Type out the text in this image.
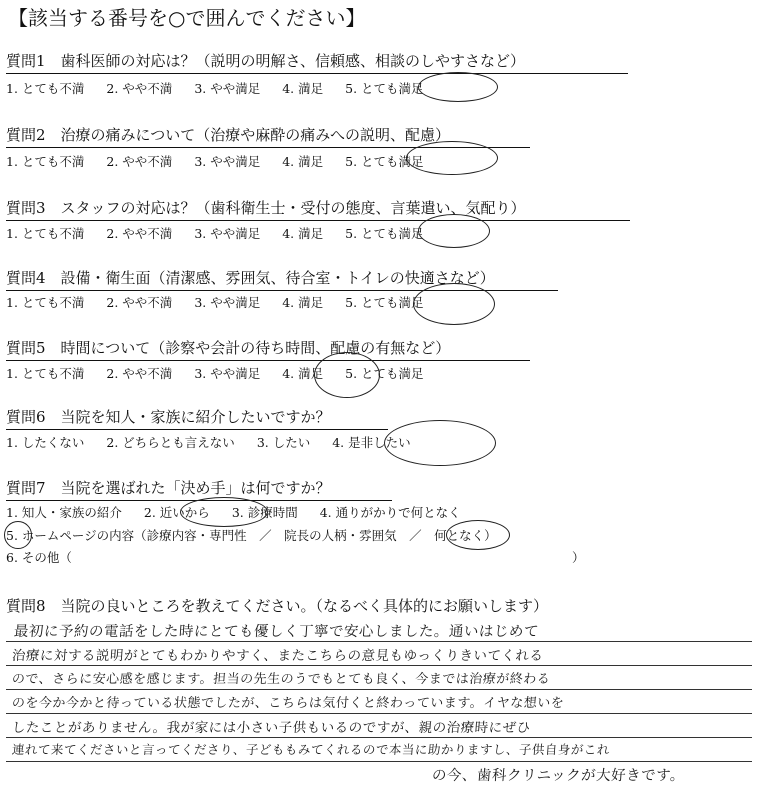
【該当する番号を○で囲んでください】
質問1　歯科医師の対応は？（説明の明解さ、信頼感、相談のしやすさなど）
1. とても不満 2. やや不満 3. やや満足 4. 満足 5. とても満足
質問2　治療の痛みについて（治療や麻酔の痛みへの説明、配慮）
1. とても不満 2. やや不満 3. やや満足 4. 満足 5. とても満足
質問3　スタッフの対応は？（歯科衛生士・受付の態度、言葉遣い、気配り）
1. とても不満 2. やや不満 3. やや満足 4. 満足 5. とても満足
質問4　設備・衛生面（清潔感、雰囲気、待合室・トイレの快適さなど）
1. とても不満 2. やや不満 3. やや満足 4. 満足 5. とても満足
質問5　時間について（診察や会計の待ち時間、配慮の有無など）
1. とても不満 2. やや不満 3. やや満足 4. 満足 5. とても満足
質問6　当院を知人・家族に紹介したいですか？
1. したくない 2. どちらとも言えない 3. したい 4. 是非したい
質問7　当院を選ばれた「決め手」は何ですか？
1. 知人・家族の紹介 2. 近いから 3. 診療時間 4. 通りがかりで何となく
5. ホームページの内容（診療内容・専門性　／　院長の人柄・雰囲気　／　何となく）
6. その他（	）
質問8　当院の良いところを教えてください。（なるべく具体的にお願いします）
最初に予約の電話をした時にとても優しく丁寧で安心しました。通いはじめて
治療に対する説明がとてもわかりやすく、またこちらの意見もゆっくりきいてくれる
ので、さらに安心感を感じます。担当の先生のうでもとても良く、今までは治療が終わる
のを今か今かと待っている状態でしたが、こちらは気付くと終わっています。イヤな想いを
したことがありません。我が家には小さい子供もいるのですが、親の治療時にぜひ
連れて来てくださいと言ってくださり、子どももみてくれるので本当に助かりますし、子供自身がこれ
の今、歯科クリニックが大好きです。
